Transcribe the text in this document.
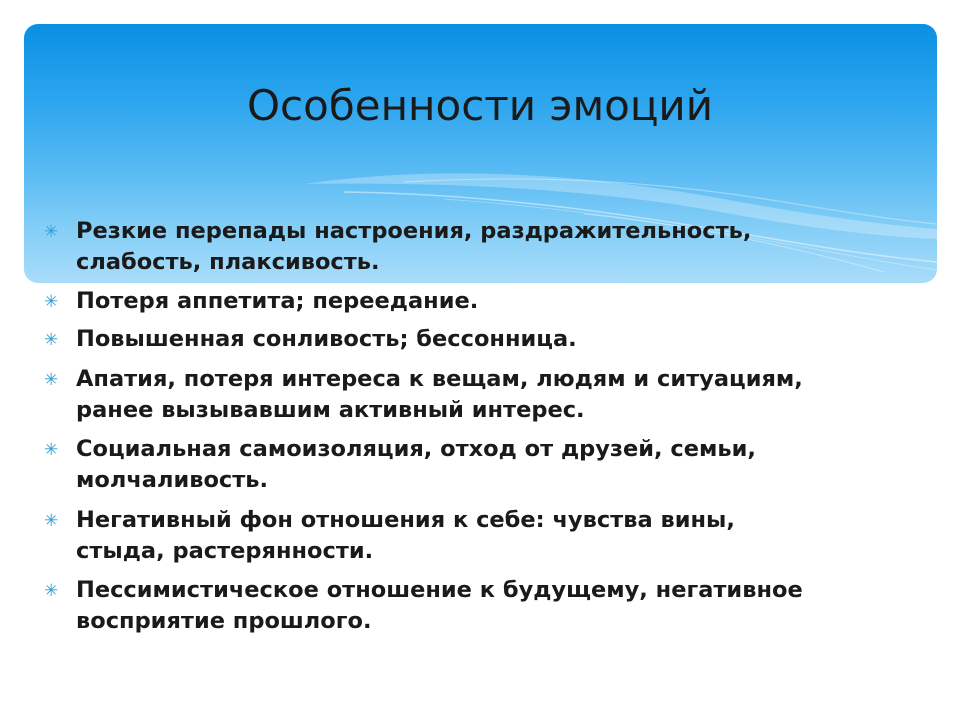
Особенности эмоций
✳ Резкие перепады настроения, раздражительность,
слабость, плаксивость.
✳ Потеря аппетита; переедание.
✳ Повышенная сонливость; бессонница.
✳ Апатия, потеря интереса к вещам, людям и ситуациям,
ранее вызывавшим активный интерес.
✳ Социальная самоизоляция, отход от друзей, семьи,
молчаливость.
✳ Негативный фон отношения к себе: чувства вины,
стыда, растерянности.
✳ Пессимистическое отношение к будущему, негативное
восприятие прошлого.
